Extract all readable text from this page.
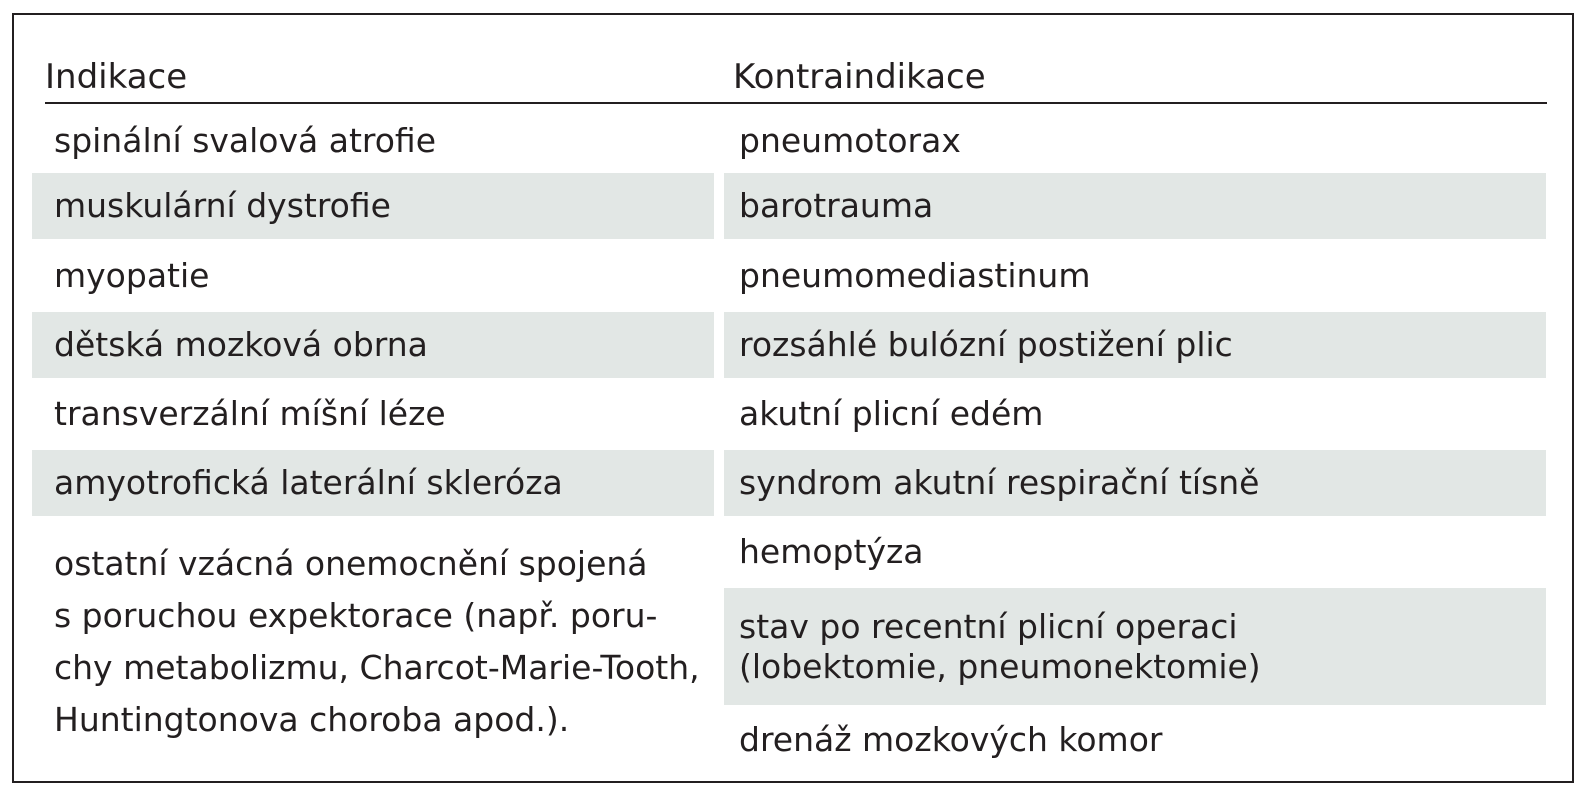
Indikace	Kontraindikace
spinální svalová atrofie
muskulární dystrofie
myopatie
dětská mozková obrna
transverzální míšní léze
amyotrofická laterální skleróza
ostatní vzácná onemocnění spojená
s poruchou expektorace (např. poru-
chy metabolizmu, Charcot-Marie-Tooth,
Huntingtonova choroba apod.).
pneumotorax
barotrauma
pneumomediastinum
rozsáhlé bulózní postižení plic
akutní plicní edém
syndrom akutní respirační tísně
hemoptýza
stav po recentní plicní operaci
(lobektomie, pneumonektomie)
drenáž mozkových komor
